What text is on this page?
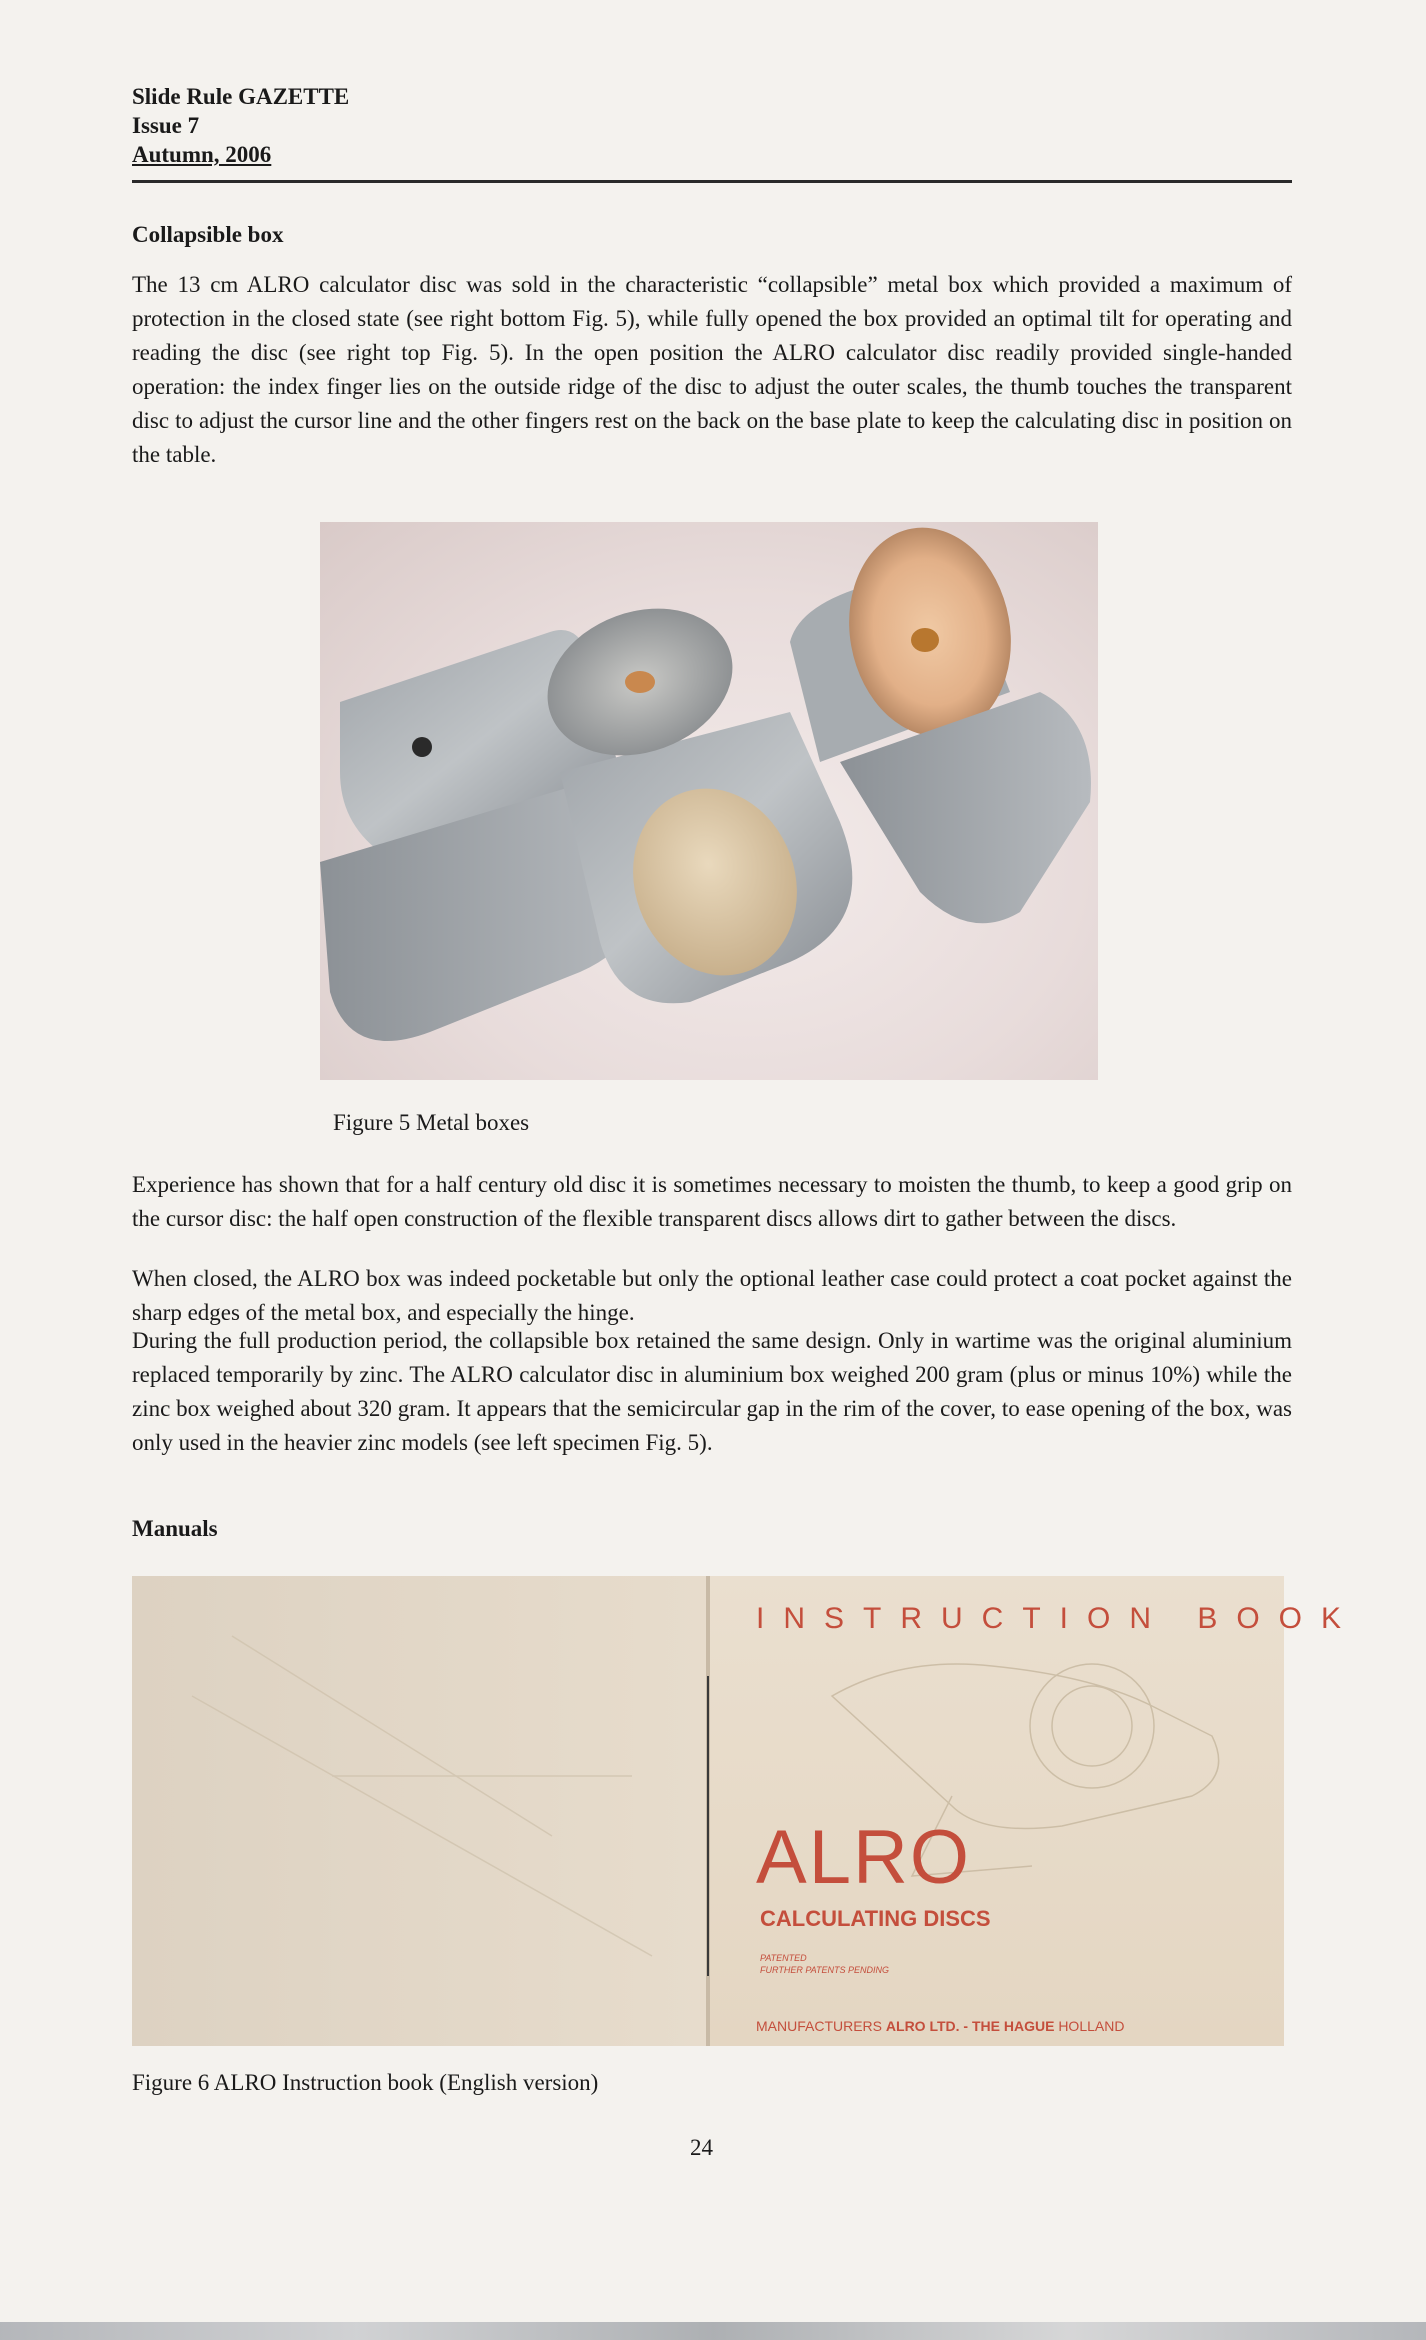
Slide Rule GAZETTE
Issue 7
Autumn, 2006
Collapsible box

The 13 cm ALRO calculator disc was sold in the characteristic “collapsible” metal box which provided a maximum of protection in the closed state (see right bottom Fig. 5), while fully opened the box provided an optimal tilt for operating and reading the disc (see right top Fig. 5). In the open position the ALRO calculator disc readily provided single-handed operation: the index finger lies on the outside ridge of the disc to adjust the outer scales, the thumb touches the transparent disc to adjust the cursor line and the other fingers rest on the back on the base plate to keep the calculating disc in position on the table.

Figure 5 Metal boxes

Experience has shown that for a half century old disc it is sometimes necessary to moisten the thumb, to keep a good grip on the cursor disc: the half open construction of the flexible transparent discs allows dirt to gather between the discs.

When closed, the ALRO box was indeed pocketable but only the optional leather case could protect a coat pocket against the sharp edges of the metal box, and especially the hinge.

During the full production period, the collapsible box retained the same design. Only in wartime was the original aluminium replaced temporarily by zinc. The ALRO calculator disc in aluminium box weighed 200 gram (plus or minus 10%) while the zinc box weighed about 320 gram. It appears that the semicircular gap in the rim of the cover, to ease opening of the box, was only used in the heavier zinc models (see left specimen Fig. 5).

Manuals
INSTRUCTION BOOK
ALRO
CALCULATING DISCS
PATENTED
FURTHER PATENTS PENDING
MANUFACTURERS ALRO LTD. - THE HAGUE HOLLAND
Figure 6 ALRO Instruction book (English version)
24
